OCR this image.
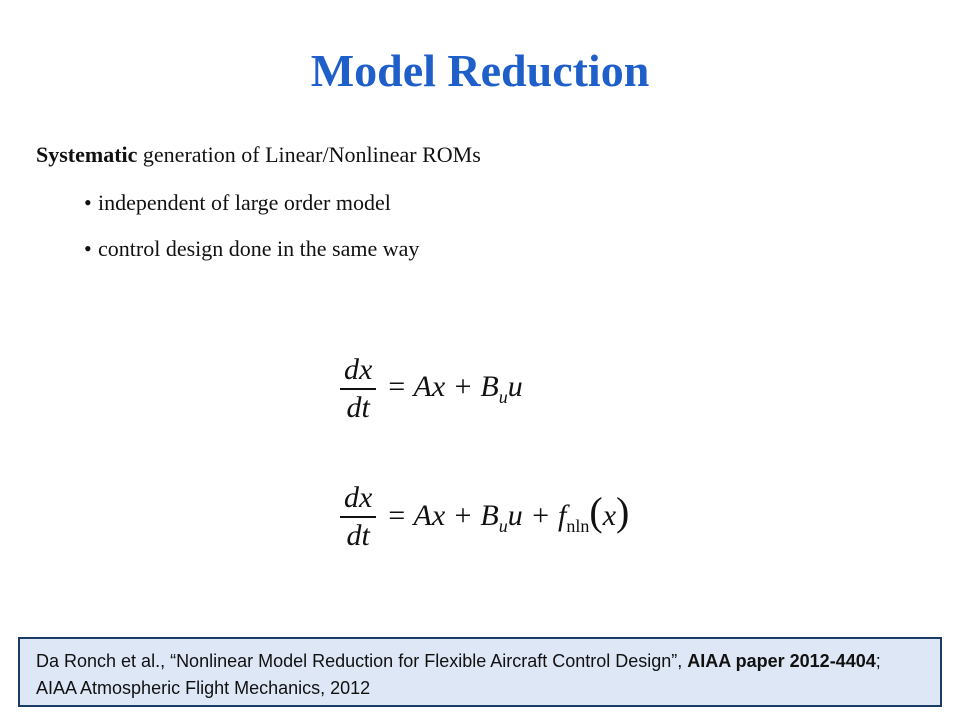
Model Reduction
Systematic generation of Linear/Nonlinear ROMs
• independent of large order model
• control design done in the same way
$\frac{dx}{dt} = Ax + B_uu$
$\frac{dx}{dt} = Ax + B_uu + f_{nln}(x)$
Da Ronch et al., “Nonlinear Model Reduction for Flexible Aircraft Control Design”, AIAA paper 2012-4404; AIAA Atmospheric Flight Mechanics, 2012
